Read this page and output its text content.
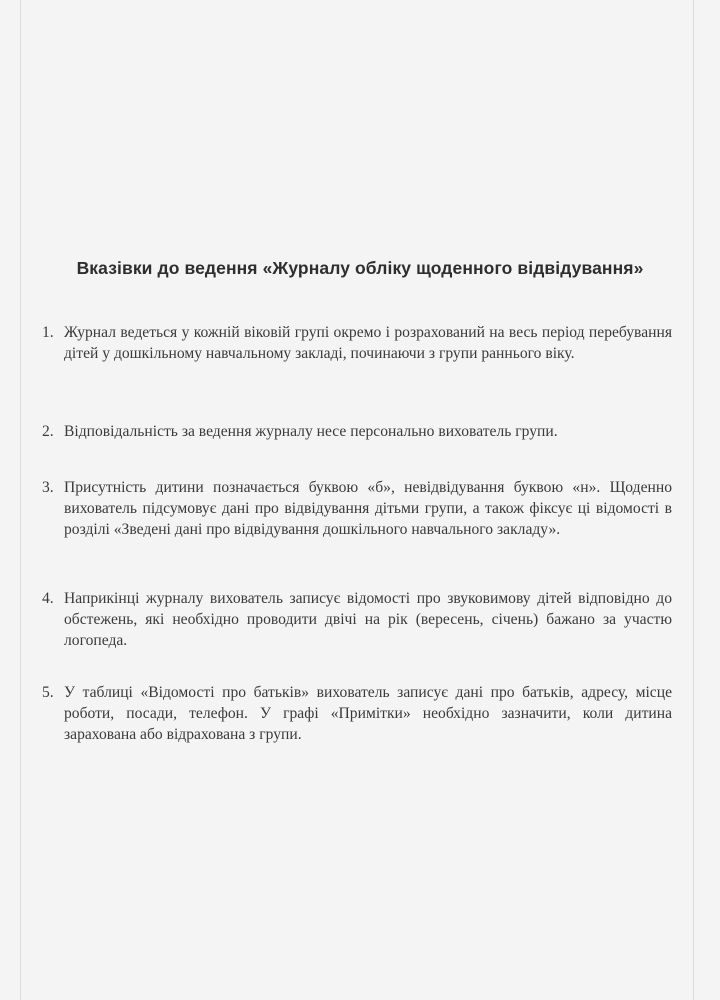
Вказівки до ведення «Журналу обліку щоденного відвідування»
1. Журнал ведеться у кожній віковій групі окремо і розрахований на весь період перебування дітей у дошкільному навчальному закладі, починаючи з групи раннього віку.
2. Відповідальність за ведення журналу несе персонально вихователь групи.
3. Присутність дитини позначається буквою «б», невідвідування буквою «н». Щоденно вихователь підсумовує дані про відвідування дітьми групи, а також фіксує ці відомості в розділі «Зведені дані про відвідування дошкільного навчального закладу».
4. Наприкінці журналу вихователь записує відомості про звуковимову дітей відповідно до обстежень, які необхідно проводити двічі на рік (вересень, січень) бажано за участю логопеда.
5. У таблиці «Відомості про батьків» вихователь записує дані про батьків, адресу, місце роботи, посади, телефон. У графі «Примітки» необхідно зазначити, коли дитина зарахована або відрахована з групи.
